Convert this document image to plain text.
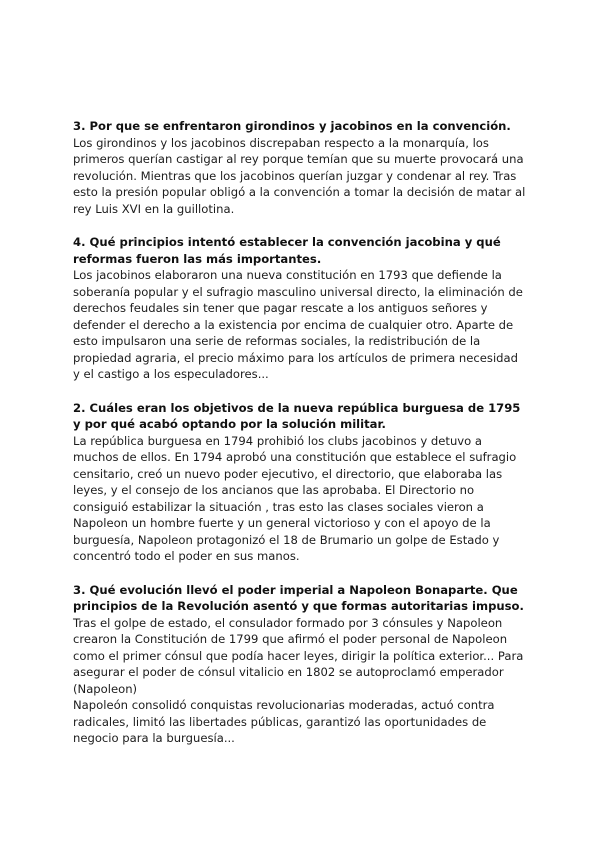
3. Por que se enfrentaron girondinos y jacobinos en la convención.

Los girondinos y los jacobinos discrepaban respecto a la monarquía, los primeros querían castigar al rey porque temían que su muerte provocará una revolución. Mientras que los jacobinos querían juzgar y condenar al rey. Tras esto la presión popular obligó a la convención a tomar la decisión de matar al rey Luis XVI en la guillotina.

4. Qué principios intentó establecer la convención jacobina y qué reformas fueron las más importantes.

Los jacobinos elaboraron una nueva constitución en 1793 que defiende la soberanía popular y el sufragio masculino universal directo, la eliminación de derechos feudales sin tener que pagar rescate a los antiguos señores y defender el derecho a la existencia por encima de cualquier otro. Aparte de esto impulsaron una serie de reformas sociales, la redistribución de la propiedad agraria, el precio máximo para los artículos de primera necesidad y el castigo a los especuladores...

2. Cuáles eran los objetivos de la nueva república burguesa de 1795 y por qué acabó optando por la solución militar.

La república burguesa en 1794 prohibió los clubs jacobinos y detuvo a muchos de ellos. En 1794 aprobó una constitución que establece el sufragio censitario, creó un nuevo poder ejecutivo, el directorio, que elaboraba las leyes, y el consejo de los ancianos que las aprobaba. El Directorio no consiguió estabilizar la situación , tras esto las clases sociales vieron a Napoleon un hombre fuerte y un general victorioso y con el apoyo de la burguesía, Napoleon protagonizó el 18 de Brumario un golpe de Estado y concentró todo el poder en sus manos.

3. Qué evolución llevó el poder imperial a Napoleon Bonaparte. Que principios de la Revolución asentó y que formas autoritarias impuso.

Tras el golpe de estado, el consulador formado por 3 cónsules y Napoleon crearon la Constitución de 1799 que afirmó el poder personal de Napoleon como el primer cónsul que podía hacer leyes, dirigir la política exterior... Para asegurar el poder de cónsul vitalicio en 1802 se autoproclamó emperador (Napoleon)

Napoleón consolidó conquistas revolucionarias moderadas, actuó contra radicales, limitó las libertades públicas, garantizó las oportunidades de negocio para la burguesía...
